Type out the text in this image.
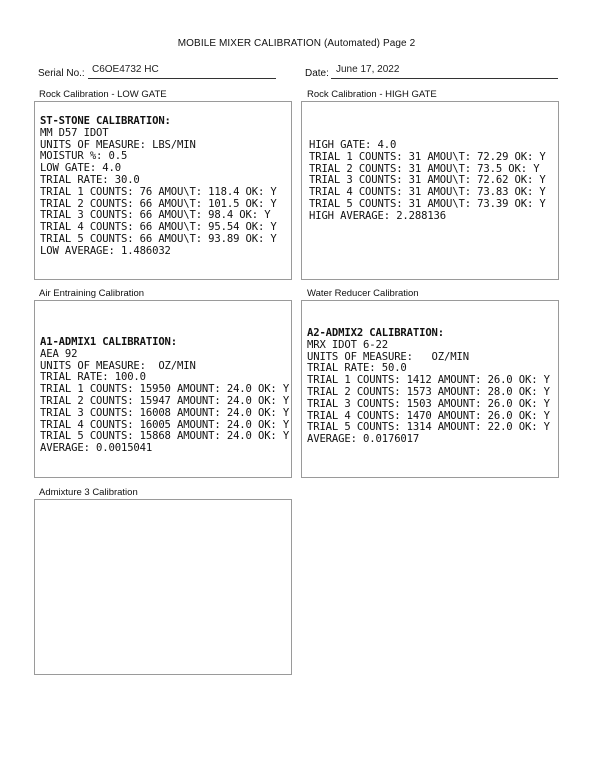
MOBILE MIXER CALIBRATION (Automated) Page 2
Serial No.: C6OE4732 HC	Date: June 17, 2022
Rock Calibration - LOW GATE
ST-STONE CALIBRATION:
MM D57 IDOT
UNITS OF MEASURE: LBS/MIN
MOISTUR %: 0.5
LOW GATE: 4.0
TRIAL RATE: 30.0
TRIAL 1 COUNTS: 76 AMOU\T: 118.4 OK: Y
TRIAL 2 COUNTS: 66 AMOU\T: 101.5 OK: Y
TRIAL 3 COUNTS: 66 AMOU\T: 98.4 OK: Y
TRIAL 4 COUNTS: 66 AMOU\T: 95.54 OK: Y
TRIAL 5 COUNTS: 66 AMOU\T: 93.89 OK: Y
LOW AVERAGE: 1.486032
Rock Calibration - HIGH GATE
HIGH GATE: 4.0
TRIAL 1 COUNTS: 31 AMOU\T: 72.29 OK: Y
TRIAL 2 COUNTS: 31 AMOU\T: 73.5 OK: Y
TRIAL 3 COUNTS: 31 AMOU\T: 72.62 OK: Y
TRIAL 4 COUNTS: 31 AMOU\T: 73.83 OK: Y
TRIAL 5 COUNTS: 31 AMOU\T: 73.39 OK: Y
HIGH AVERAGE: 2.288136
Air Entraining Calibration
A1-ADMIX1 CALIBRATION:
AEA 92
UNITS OF MEASURE:  OZ/MIN
TRIAL RATE: 100.0
TRIAL 1 COUNTS: 15950 AMOUNT: 24.0 OK: Y
TRIAL 2 COUNTS: 15947 AMOUNT: 24.0 OK: Y
TRIAL 3 COUNTS: 16008 AMOUNT: 24.0 OK: Y
TRIAL 4 COUNTS: 16005 AMOUNT: 24.0 OK: Y
TRIAL 5 COUNTS: 15868 AMOUNT: 24.0 OK: Y
AVERAGE: 0.0015041
Water Reducer Calibration
A2-ADMIX2 CALIBRATION:
MRX IDOT 6-22
UNITS OF MEASURE:   OZ/MIN
TRIAL RATE: 50.0
TRIAL 1 COUNTS: 1412 AMOUNT: 26.0 OK: Y
TRIAL 2 COUNTS: 1573 AMOUNT: 28.0 OK: Y
TRIAL 3 COUNTS: 1503 AMOUNT: 26.0 OK: Y
TRIAL 4 COUNTS: 1470 AMOUNT: 26.0 OK: Y
TRIAL 5 COUNTS: 1314 AMOUNT: 22.0 OK: Y
AVERAGE: 0.0176017
Admixture 3 Calibration
